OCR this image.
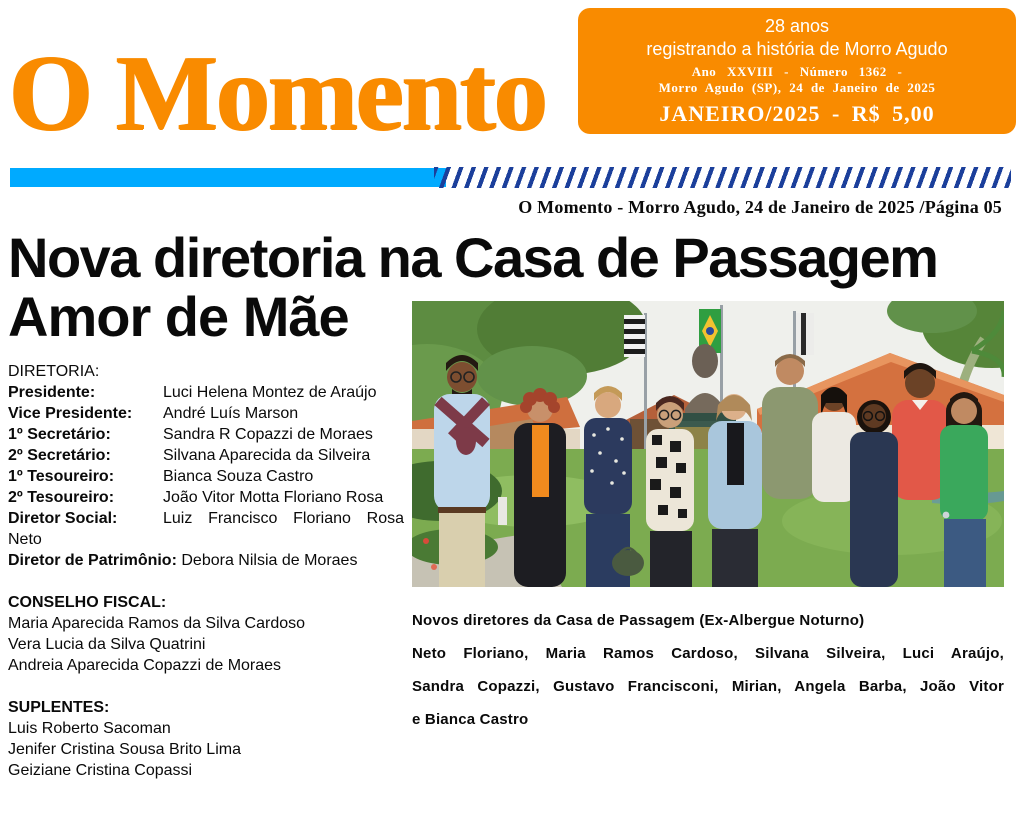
O Momento
28 anos
registrando a história de Morro Agudo
Ano XXVIII - Número 1362 -
Morro Agudo (SP), 24 de Janeiro de 2025
JANEIRO/2025 - R$ 5,00
O Momento - Morro Agudo, 24 de Janeiro de 2025 /Página 05
Nova diretoria na Casa de Passagem
Amor de Mãe
DIRETORIA:
Presidente:	Luci Helena Montez de Araújo
Vice Presidente:	André Luís Marson
1º Secretário:	Sandra R Copazzi de Moraes
2º Secretário:	Silvana Aparecida da Silveira
1º Tesoureiro:	Bianca Souza Castro
2º Tesoureiro:	João Vitor Motta Floriano Rosa

Diretor Social:	Luiz Francisco Floriano Rosa Neto

Diretor de Patrimônio: Debora Nilsia de Moraes

CONSELHO FISCAL:
Maria Aparecida Ramos da Silva Cardoso
Vera Lucia da Silva Quatrini
Andreia Aparecida Copazzi de Moraes
SUPLENTES:
Luis Roberto Sacoman
Jenifer Cristina Sousa Brito Lima
Geiziane Cristina Copassi

Novos diretores da Casa de Passagem (Ex-Albergue Noturno)

Neto Floriano, Maria Ramos Cardoso, Silvana Silveira, Luci Araújo,

Sandra Copazzi, Gustavo Francisconi, Mirian, Angela Barba, João Vitor

e Bianca Castro
